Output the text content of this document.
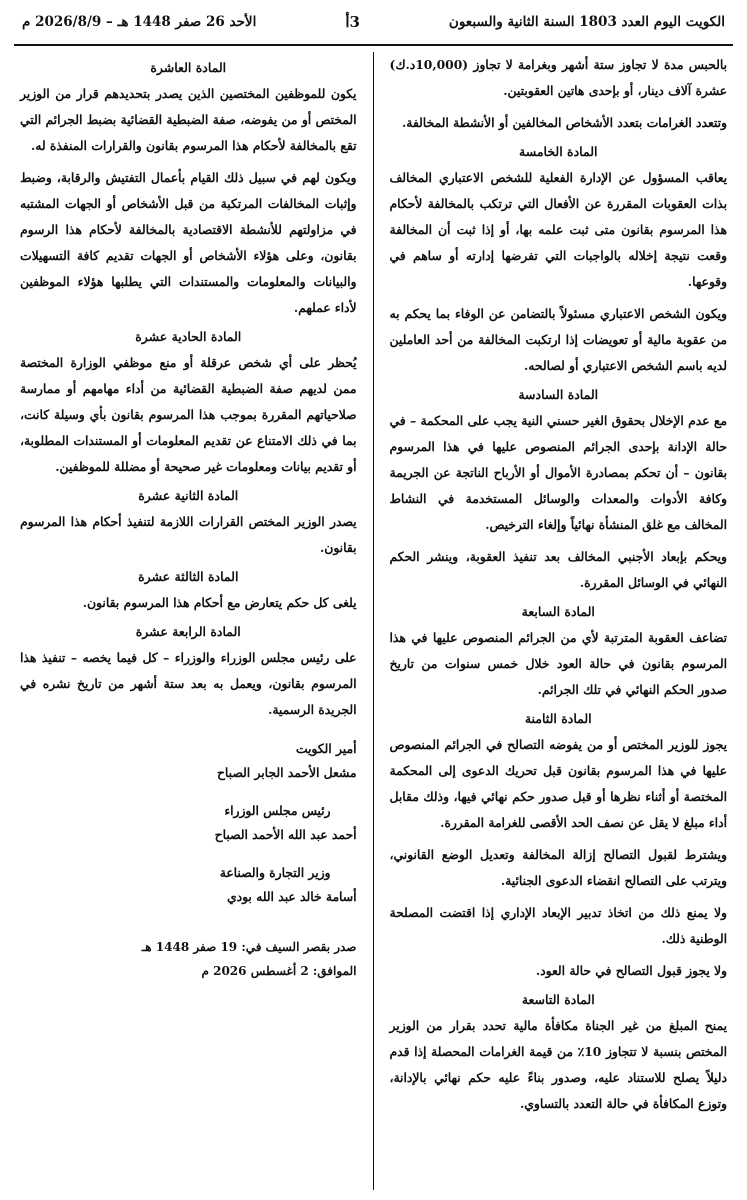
الكويت اليوم العدد 1803 السنة الثانية والسبعون
3أ
الأحد 26 صفر 1448 هـ – 2026/8/9 م

بالحبس مدة لا تجاوز ستة أشهر وبغرامة لا تجاوز (10,000د.ك) عشرة آلاف دينار، أو بإحدى هاتين العقوبتين.

وتتعدد الغرامات بتعدد الأشخاص المخالفين أو الأنشطة المخالفة.

المادة الخامسة

يعاقب المسؤول عن الإدارة الفعلية للشخص الاعتباري المخالف بذات العقوبات المقررة عن الأفعال التي ترتكب بالمخالفة لأحكام هذا المرسوم بقانون متى ثبت علمه بها، أو إذا ثبت أن المخالفة وقعت نتيجة إخلاله بالواجبات التي تفرضها إدارته أو ساهم في وقوعها.

ويكون الشخص الاعتباري مسئولاً بالتضامن عن الوفاء بما يحكم به من عقوبة مالية أو تعويضات إذا ارتكبت المخالفة من أحد العاملين لديه باسم الشخص الاعتباري أو لصالحه.

المادة السادسة

مع عدم الإخلال بحقوق الغير حسني النية يجب على المحكمة – في حالة الإدانة بإحدى الجرائم المنصوص عليها في هذا المرسوم بقانون – أن تحكم بمصادرة الأموال أو الأرباح الناتجة عن الجريمة وكافة الأدوات والمعدات والوسائل المستخدمة في النشاط المخالف مع غلق المنشأة نهائياً وإلغاء الترخيص.

ويحكم بإبعاد الأجنبي المخالف بعد تنفيذ العقوبة، وينشر الحكم النهائي في الوسائل المقررة.

المادة السابعة

تضاعف العقوبة المترتبة لأي من الجرائم المنصوص عليها في هذا المرسوم بقانون في حالة العود خلال خمس سنوات من تاريخ صدور الحكم النهائي في تلك الجرائم.

المادة الثامنة

يجوز للوزير المختص أو من يفوضه التصالح في الجرائم المنصوص عليها في هذا المرسوم بقانون قبل تحريك الدعوى إلى المحكمة المختصة أو أثناء نظرها أو قبل صدور حكم نهائي فيها، وذلك مقابل أداء مبلغ لا يقل عن نصف الحد الأقصى للغرامة المقررة.

ويشترط لقبول التصالح إزالة المخالفة وتعديل الوضع القانوني، ويترتب على التصالح انقضاء الدعوى الجنائية.

ولا يمنع ذلك من اتخاذ تدبير الإبعاد الإداري إذا اقتضت المصلحة الوطنية ذلك.

ولا يجوز قبول التصالح في حالة العود.

المادة التاسعة

يمنح المبلغ من غير الجناة مكافأة مالية تحدد بقرار من الوزير المختص بنسبة لا تتجاوز 10٪ من قيمة الغرامات المحصلة إذا قدم دليلاً يصلح للاستناد عليه، وصدور بناءً عليه حكم نهائي بالإدانة، وتوزع المكافأة في حالة التعدد بالتساوي.

المادة العاشرة

يكون للموظفين المختصين الذين يصدر بتحديدهم قرار من الوزير المختص أو من يفوضه، صفة الضبطية القضائية بضبط الجرائم التي تقع بالمخالفة لأحكام هذا المرسوم بقانون والقرارات المنفذة له.

ويكون لهم في سبيل ذلك القيام بأعمال التفتيش والرقابة، وضبط وإثبات المخالفات المرتكبة من قبل الأشخاص أو الجهات المشتبه في مزاولتهم للأنشطة الاقتصادية بالمخالفة لأحكام هذا الرسوم بقانون، وعلى هؤلاء الأشخاص أو الجهات تقديم كافة التسهيلات والبيانات والمعلومات والمستندات التي يطلبها هؤلاء الموظفين لأداء عملهم.

المادة الحادية عشرة

يُحظر على أي شخص عرقلة أو منع موظفي الوزارة المختصة ممن لديهم صفة الضبطية القضائية من أداء مهامهم أو ممارسة صلاحياتهم المقررة بموجب هذا المرسوم بقانون بأي وسيلة كانت، بما في ذلك الامتناع عن تقديم المعلومات أو المستندات المطلوبة، أو تقديم بيانات ومعلومات غير صحيحة أو مضللة للموظفين.

المادة الثانية عشرة

يصدر الوزير المختص القرارات اللازمة لتنفيذ أحكام هذا المرسوم بقانون.

المادة الثالثة عشرة

يلغى كل حكم يتعارض مع أحكام هذا المرسوم بقانون.

المادة الرابعة عشرة

على رئيس مجلس الوزراء والوزراء – كل فيما يخصه – تنفيذ هذا المرسوم بقانون، ويعمل به بعد ستة أشهر من تاريخ نشره في الجريدة الرسمية.

أمير الكويت

مشعل الأحمد الجابر الصباح

رئيس مجلس الوزراء

أحمد عبد الله الأحمد الصباح

وزير التجارة والصناعة

أسامة خالد عبد الله بودي

صدر بقصر السيف في: 19 صفر 1448 هـ

الموافق: 2 أغسطس 2026 م
